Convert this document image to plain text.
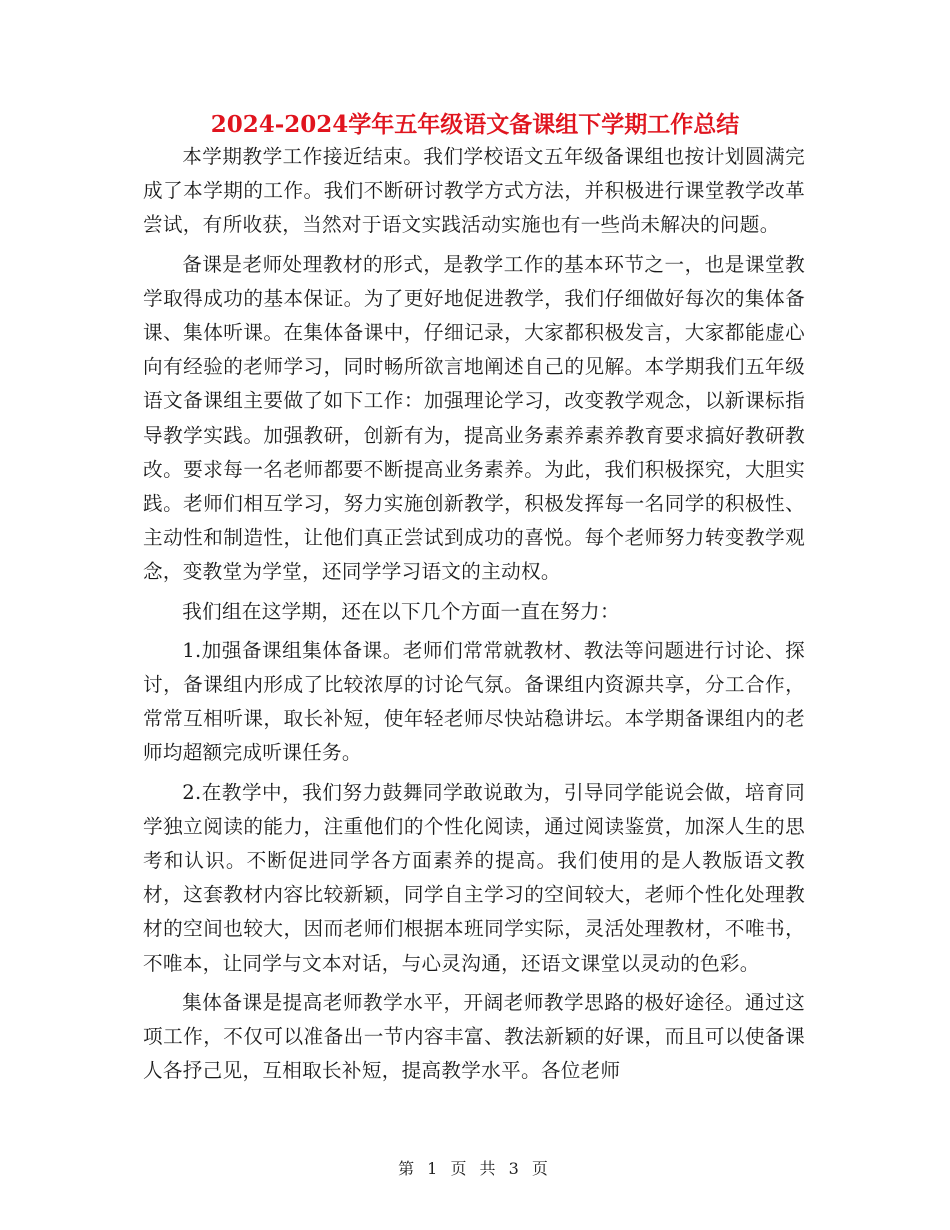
2024-2024学年五年级语文备课组下学期工作总结

本学期教学工作接近结束。我们学校语文五年级备课组也按计划圆满完成了本学期的工作。我们不断研讨教学方式方法，并积极进行课堂教学改革尝试，有所收获，当然对于语文实践活动实施也有一些尚未解决的问题。

备课是老师处理教材的形式，是教学工作的基本环节之一，也是课堂教学取得成功的基本保证。为了更好地促进教学，我们仔细做好每次的集体备课、集体听课。在集体备课中，仔细记录，大家都积极发言，大家都能虚心向有经验的老师学习，同时畅所欲言地阐述自己的见解。本学期我们五年级语文备课组主要做了如下工作：加强理论学习，改变教学观念，以新课标指导教学实践。加强教研，创新有为，提高业务素养素养教育要求搞好教研教改。要求每一名老师都要不断提高业务素养。为此，我们积极探究，大胆实践。老师们相互学习，努力实施创新教学，积极发挥每一名同学的积极性、主动性和制造性，让他们真正尝试到成功的喜悦。每个老师努力转变教学观念，变教堂为学堂，还同学学习语文的主动权。

我们组在这学期，还在以下几个方面一直在努力：

1.加强备课组集体备课。老师们常常就教材、教法等问题进行讨论、探讨，备课组内形成了比较浓厚的讨论气氛。备课组内资源共享，分工合作，常常互相听课，取长补短，使年轻老师尽快站稳讲坛。本学期备课组内的老师均超额完成听课任务。

2.在教学中，我们努力鼓舞同学敢说敢为，引导同学能说会做，培育同学独立阅读的能力，注重他们的个性化阅读，通过阅读鉴赏，加深人生的思考和认识。不断促进同学各方面素养的提高。我们使用的是人教版语文教材，这套教材内容比较新颖，同学自主学习的空间较大，老师个性化处理教材的空间也较大，因而老师们根据本班同学实际，灵活处理教材，不唯书，不唯本，让同学与文本对话，与心灵沟通，还语文课堂以灵动的色彩。

集体备课是提高老师教学水平，开阔老师教学思路的极好途径。通过这项工作，不仅可以准备出一节内容丰富、教法新颖的好课，而且可以使备课人各抒己见，互相取长补短，提高教学水平。各位老师

第 1 页 共 3 页
